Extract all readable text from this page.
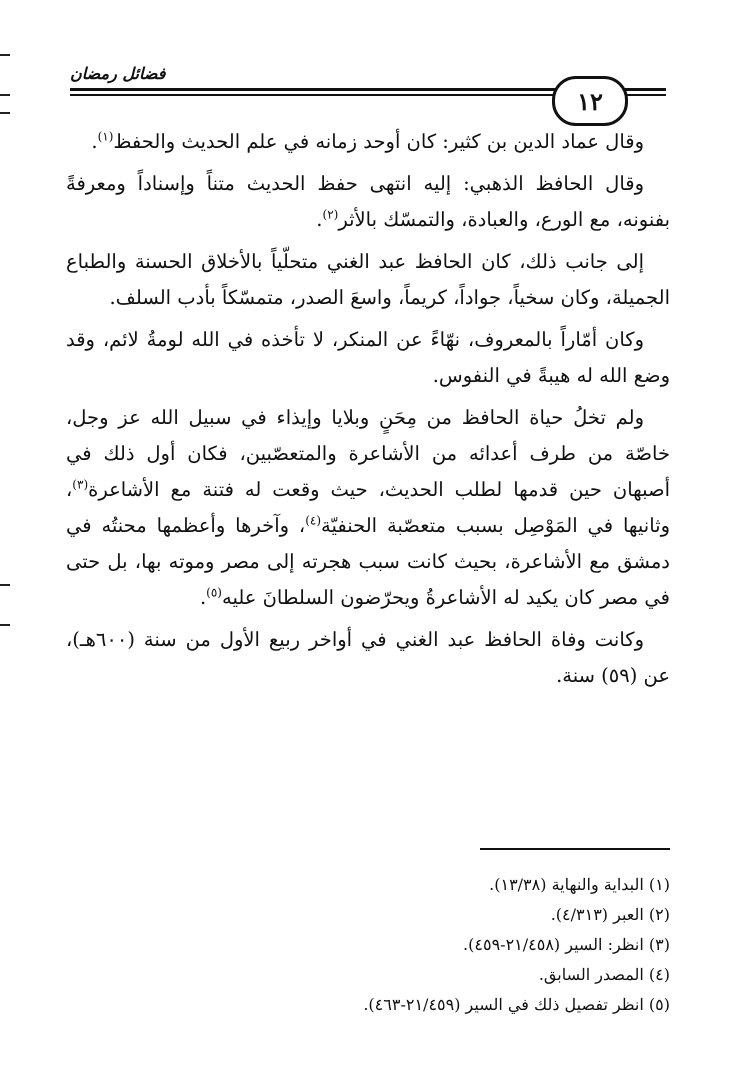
فضائل رمضان
١٢

وقال عماد الدين بن كثير: كان أوحد زمانه في علم الحديث والحفظ$^{(١)}$.

وقال الحافظ الذهبي: إليه انتهى حفظ الحديث متناً وإسناداً ومعرفةً بفنونه، مع الورع، والعبادة، والتمسّك بالأثر$^{(٢)}$.

إلى جانب ذلك، كان الحافظ عبد الغني متحلّياً بالأخلاق الحسنة والطباع الجميلة، وكان سخياً، جواداً، كريماً، واسعَ الصدر، متمسّكاً بأدب السلف.

وكان أمّاراً بالمعروف، نهّاءً عن المنكر، لا تأخذه في الله لومةُ لائم، وقد وضع الله له هيبةً في النفوس.

ولم تخلُ حياة الحافظ من مِحَنٍ وبلايا وإيذاء في سبيل الله عز وجل، خاصّة من طرف أعدائه من الأشاعرة والمتعصّبين، فكان أول ذلك في أصبهان حين قدمها لطلب الحديث، حيث وقعت له فتنة مع الأشاعرة$^{(٣)}$، وثانيها في المَوْصِل بسبب متعصّبة الحنفيّة$^{(٤)}$، وآخرها وأعظمها محنتُه في دمشق مع الأشاعرة، بحيث كانت سبب هجرته إلى مصر وموته بها، بل حتى في مصر كان يكيد له الأشاعرةُ ويحرّضون السلطانَ عليه$^{(٥)}$.

وكانت وفاة الحافظ عبد الغني في أواخر ربيع الأول من سنة (٦٠٠هـ)، عن (٥٩) سنة.

(١) البداية والنهاية (١٣/٣٨).

(٢) العبر (٤/٣١٣).

(٣) انظر: السير (٢١/٤٥٨-٤٥٩).

(٤) المصدر السابق.

(٥) انظر تفصيل ذلك في السير (٢١/٤٥٩-٤٦٣).
